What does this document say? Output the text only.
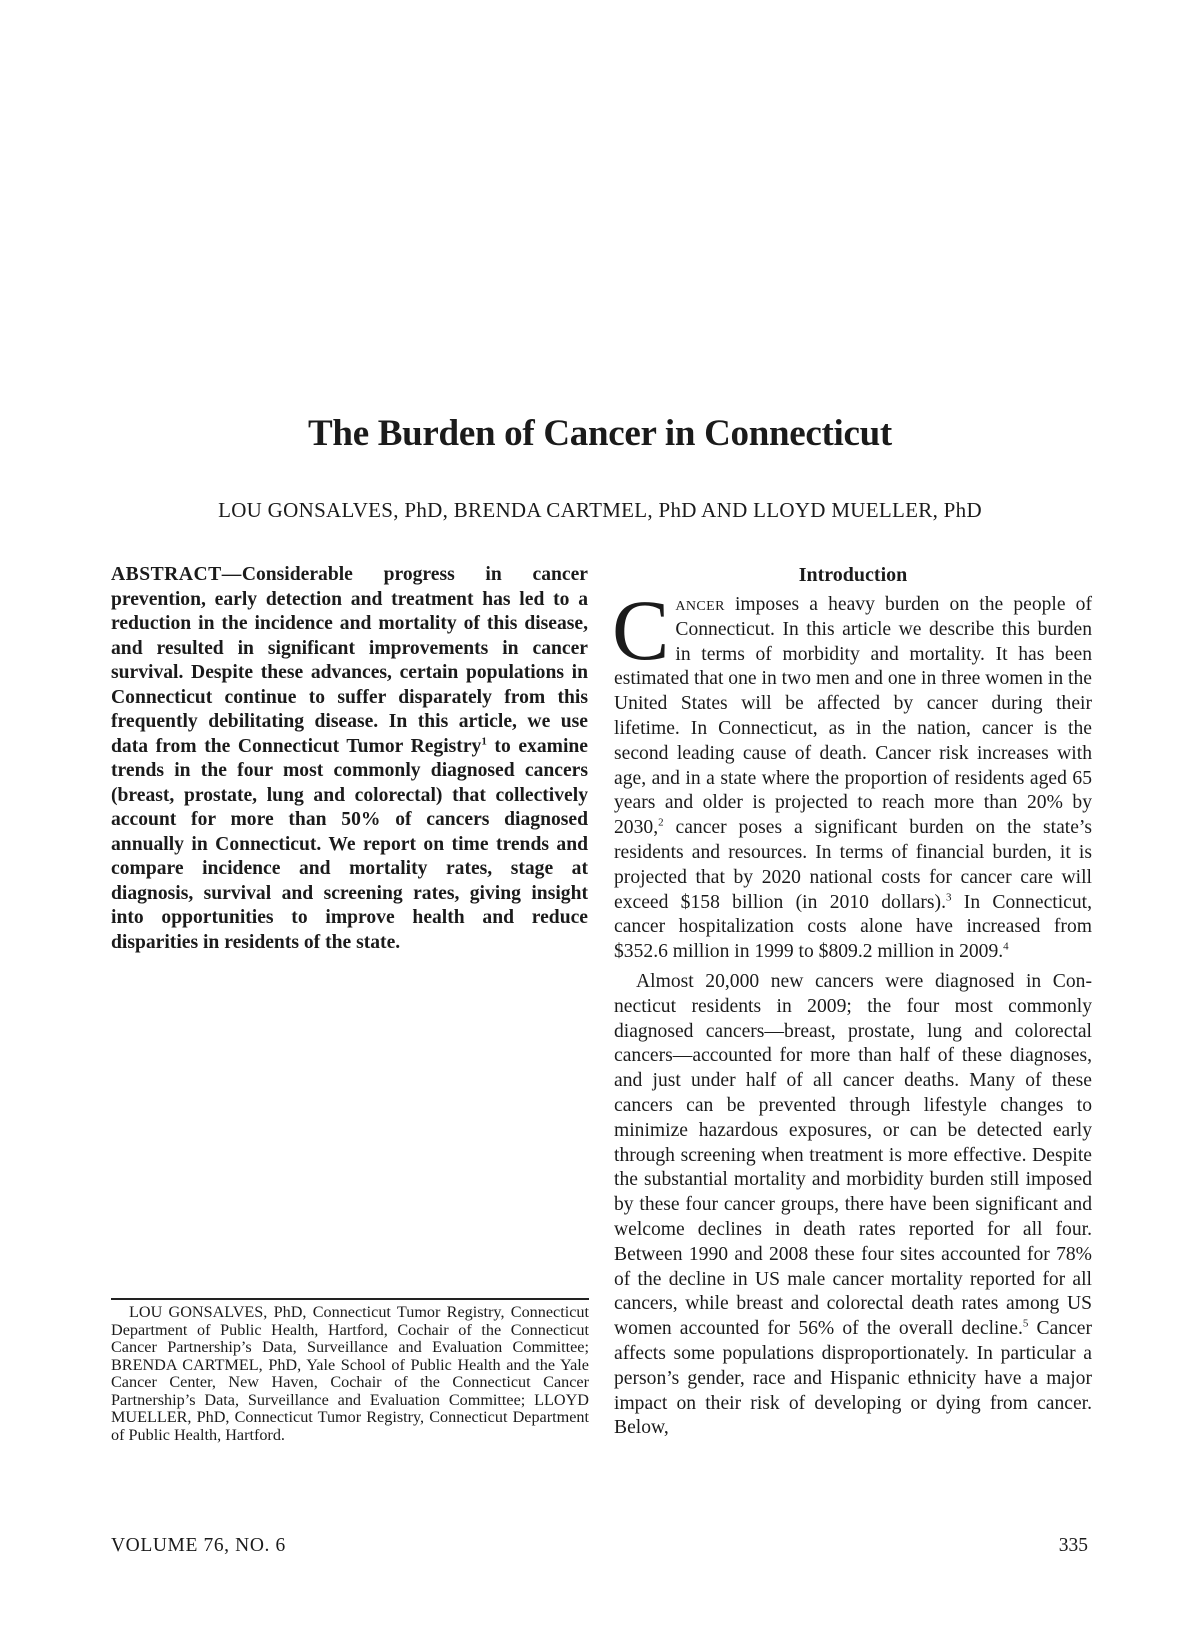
The Burden of Cancer in Connecticut

LOU GONSALVES, PhD, BRENDA CARTMEL, PhD AND LLOYD MUELLER, PhD

ABSTRACT—Considerable progress in cancer prevention, early detection and treatment has led to a reduction in the incidence and mortality of this disease, and resulted in significant improvements in cancer survival. Despite these advances, certain populations in Connecticut continue to suffer disparately from this frequently debilitating disease. In this article, we use data from the Connecticut Tumor Registry$^1$ to examine trends in the four most commonly diagnosed cancers (breast, prostate, lung and colorectal) that collectively account for more than 50% of cancers diagnosed annually in Connecticut. We report on time trends and compare incidence and mortality rates, stage at diagnosis, survival and screening rates, giving insight into opportunities to improve health and reduce disparities in residents of the state.

LOU GONSALVES, PhD, Connecticut Tumor Registry, Connecticut Department of Public Health, Hartford, Cochair of the Connecticut Cancer Partnership’s Data, Surveillance and Evaluation Committee; BRENDA CARTMEL, PhD, Yale School of Public Health and the Yale Cancer Center, New Haven, Cochair of the Connecticut Cancer Partnership’s Data, Surveillance and Evaluation Committee; LLOYD MUELLER, PhD, Connecticut Tumor Registry, Connecticut Department of Public Health, Hartford.

Introduction

Cancer imposes a heavy burden on the people of Connecticut. In this article we describe this burden in terms of morbidity and mortality. It has been estimated that one in two men and one in three women in the United States will be affected by cancer during their lifetime. In Connecticut, as in the nation, cancer is the second leading cause of death. Cancer risk increases with age, and in a state where the proportion of residents aged 65 years and older is projected to reach more than 20% by 2030,$^2$ cancer poses a significant burden on the state’s residents and resources. In terms of financial burden, it is projected that by 2020 national costs for cancer care will exceed $158 billion (in 2010 dollars).$^3$ In Connecticut, cancer hospitalization costs alone have increased from $352.6 million in 1999 to $809.2 million in 2009.$^4$

Almost 20,000 new cancers were diagnosed in Connecticut residents in 2009; the four most commonly diagnosed cancers—breast, prostate, lung and colorectal cancers—accounted for more than half of these diagnoses, and just under half of all cancer deaths. Many of these cancers can be prevented through lifestyle changes to minimize hazardous exposures, or can be detected early through screening when treatment is more effective. Despite the substantial mortality and morbidity burden still imposed by these four cancer groups, there have been significant and welcome declines in death rates reported for all four. Between 1990 and 2008 these four sites accounted for 78% of the decline in US male cancer mortality reported for all cancers, while breast and colorectal death rates among US women accounted for 56% of the overall decline.$^5$ Cancer affects some populations disproportionately. In particular a person’s gender, race and Hispanic ethnicity have a major impact on their risk of developing or dying from cancer. Below,

VOLUME 76, NO. 6	335
